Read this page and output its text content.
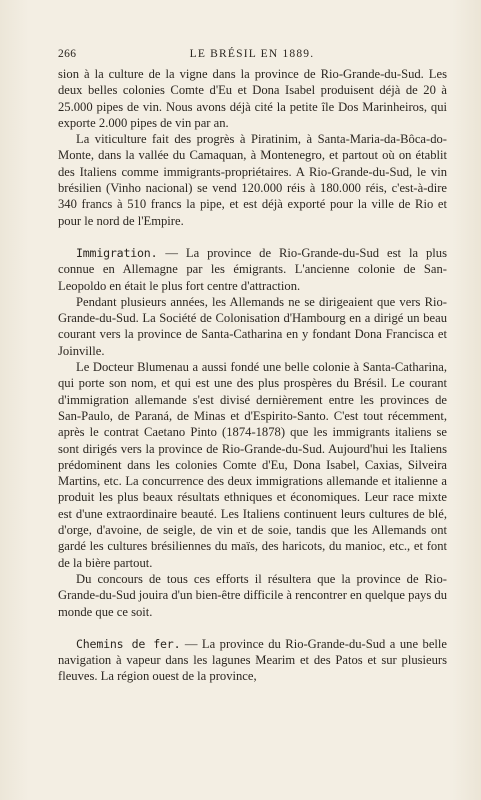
266	LE BRÉSIL EN 1889.

sion à la culture de la vigne dans la province de Rio-Grande-du-Sud. Les deux belles colonies Comte d'Eu et Dona Isabel produisent déjà de 20 à 25.000 pipes de vin. Nous avons déjà cité la petite île Dos Marinheiros, qui exporte 2.000 pipes de vin par an.

La viticulture fait des progrès à Piratinim, à Santa-Maria-da-Bôca-do-Monte, dans la vallée du Camaquan, à Montenegro, et partout où on établit des Italiens comme immigrants-propriétaires. A Rio-Grande-du-Sud, le vin brésilien (Vinho nacional) se vend 120.000 réis à 180.000 réis, c'est-à-dire 340 francs à 510 francs la pipe, et est déjà exporté pour la ville de Rio et pour le nord de l'Empire.

Immigration. — La province de Rio-Grande-du-Sud est la plus connue en Allemagne par les émigrants. L'ancienne colonie de San-Leopoldo en était le plus fort centre d'attraction.

Pendant plusieurs années, les Allemands ne se dirigeaient que vers Rio-Grande-du-Sud. La Société de Colonisation d'Hambourg en a dirigé un beau courant vers la province de Santa-Catharina en y fondant Dona Francisca et Joinville.

Le Docteur Blumenau a aussi fondé une belle colonie à Santa-Catharina, qui porte son nom, et qui est une des plus prospères du Brésil. Le courant d'immigration allemande s'est divisé dernièrement entre les provinces de San-Paulo, de Paraná, de Minas et d'Espirito-Santo. C'est tout récemment, après le contrat Caetano Pinto (1874-1878) que les immigrants italiens se sont dirigés vers la province de Rio-Grande-du-Sud. Aujourd'hui les Italiens prédominent dans les colonies Comte d'Eu, Dona Isabel, Caxias, Silveira Martins, etc. La concurrence des deux immigrations allemande et italienne a produit les plus beaux résultats ethniques et économiques. Leur race mixte est d'une extraordinaire beauté. Les Italiens continuent leurs cultures de blé, d'orge, d'avoine, de seigle, de vin et de soie, tandis que les Allemands ont gardé les cultures brésiliennes du maïs, des haricots, du manioc, etc., et font de la bière partout.

Du concours de tous ces efforts il résultera que la province de Rio-Grande-du-Sud jouira d'un bien-être difficile à rencontrer en quelque pays du monde que ce soit.

Chemins de fer. — La province du Rio-Grande-du-Sud a une belle navigation à vapeur dans les lagunes Mearim et des Patos et sur plusieurs fleuves. La région ouest de la province,
